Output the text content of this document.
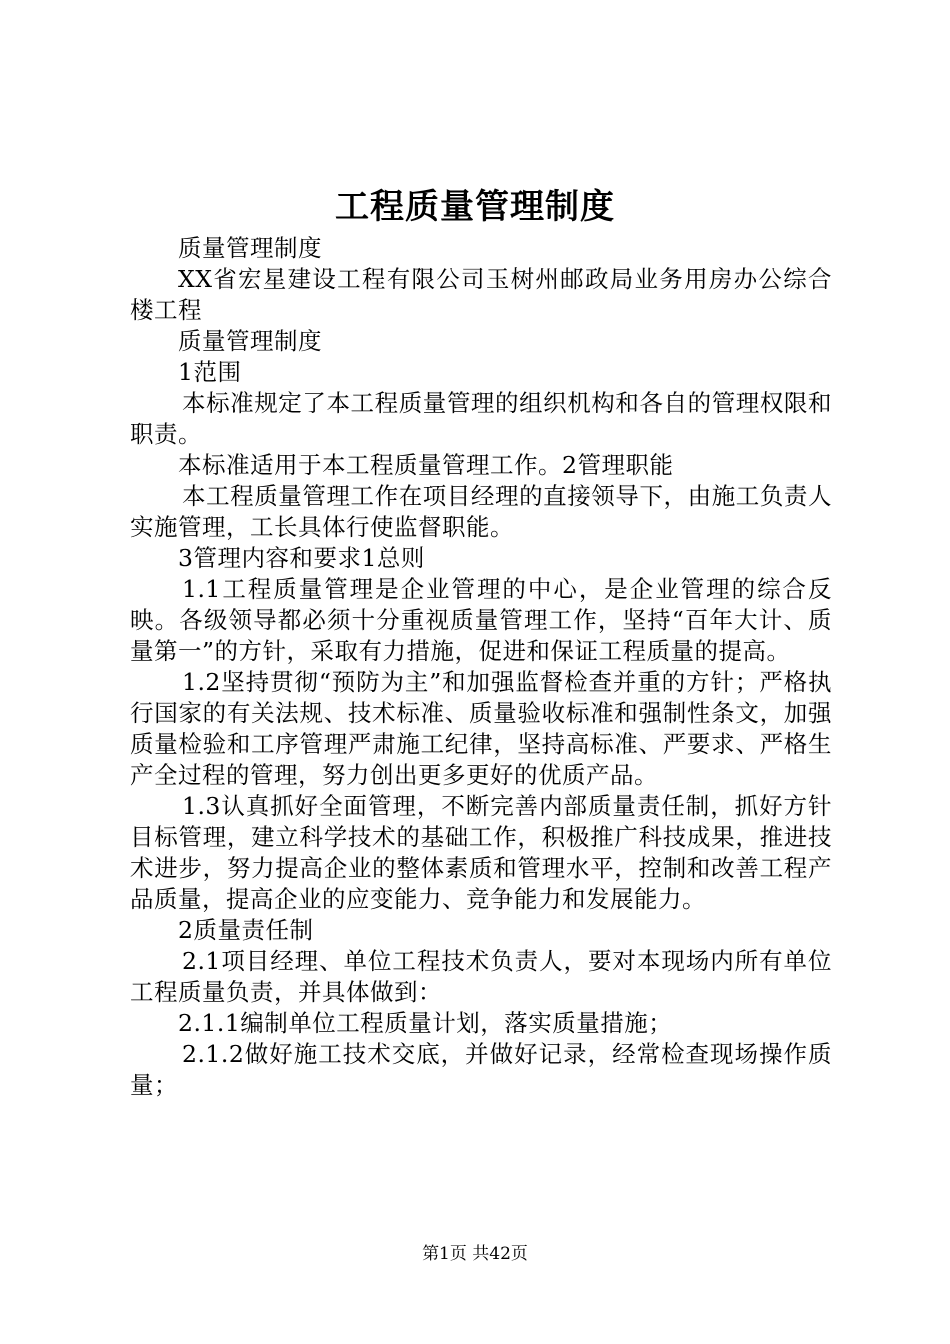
工程质量管理制度

质量管理制度

XX省宏星建设工程有限公司玉树州邮政局业务用房办公综合楼工程

质量管理制度

1范围

本标准规定了本工程质量管理的组织机构和各自的管理权限和职责。

本标准适用于本工程质量管理工作。2管理职能

本工程质量管理工作在项目经理的直接领导下，由施工负责人实施管理，工长具体行使监督职能。

3管理内容和要求1总则

1.1工程质量管理是企业管理的中心，是企业管理的综合反映。各级领导都必须十分重视质量管理工作，坚持“百年大计、质量第一”的方针，采取有力措施，促进和保证工程质量的提高。

1.2坚持贯彻“预防为主”和加强监督检查并重的方针；严格执行国家的有关法规、技术标准、质量验收标准和强制性条文，加强质量检验和工序管理严肃施工纪律，坚持高标准、严要求、严格生产全过程的管理，努力创出更多更好的优质产品。

1.3认真抓好全面管理，不断完善内部质量责任制，抓好方针目标管理，建立科学技术的基础工作，积极推广科技成果，推进技术进步，努力提高企业的整体素质和管理水平，控制和改善工程产品质量，提高企业的应变能力、竞争能力和发展能力。

2质量责任制

2.1项目经理、单位工程技术负责人，要对本现场内所有单位工程质量负责，并具体做到：

2.1.1编制单位工程质量计划，落实质量措施；

2.1.2做好施工技术交底，并做好记录，经常检查现场操作质量；

第1页 共42页
